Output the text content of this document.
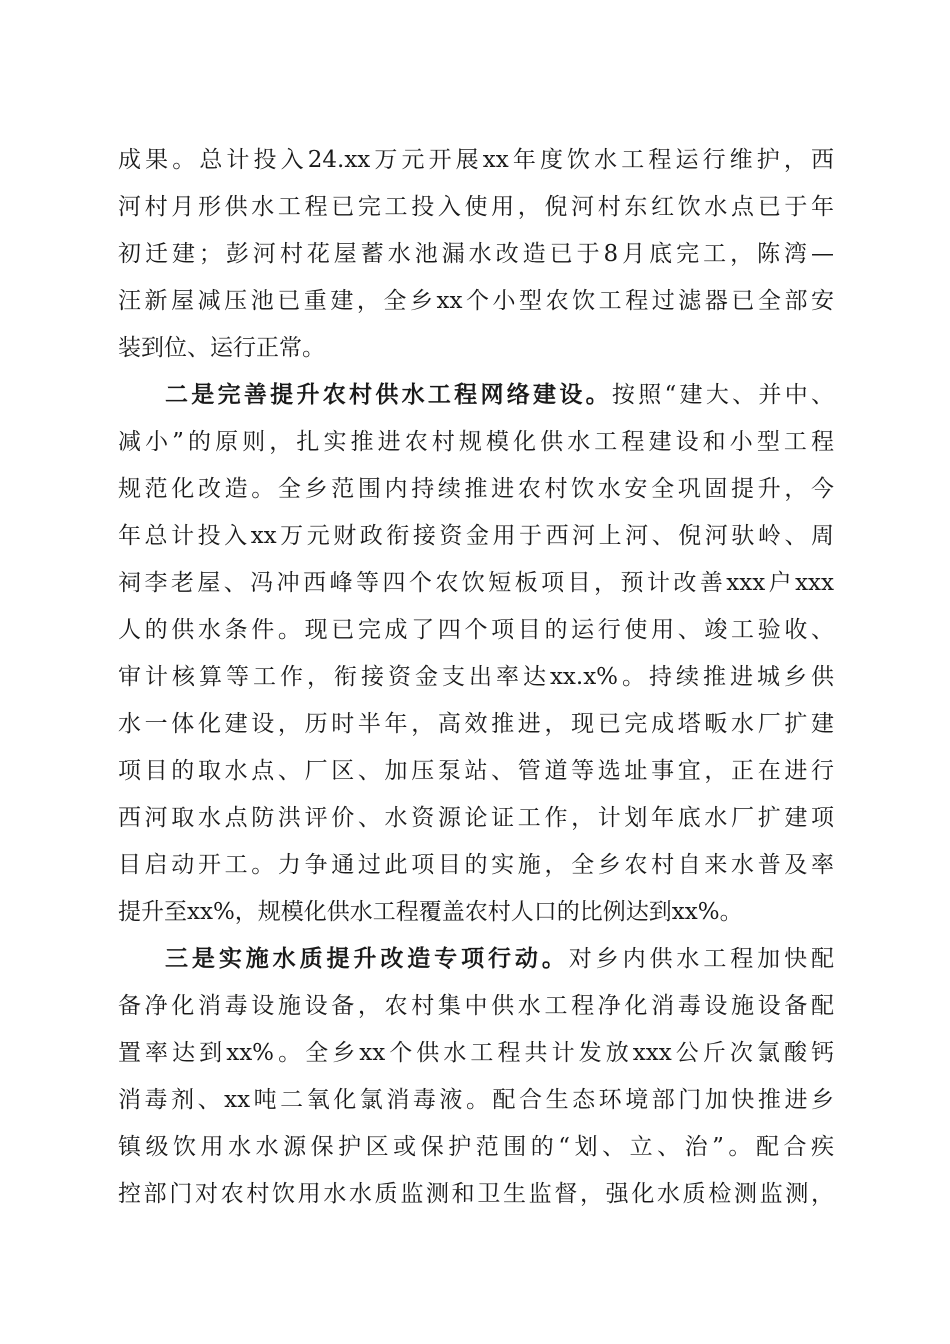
成果。总计投入24.xx万元开展xx年度饮水工程运行维护，西
河村月形供水工程已完工投入使用，倪河村东红饮水点已于年
初迁建；彭河村花屋蓄水池漏水改造已于8月底完工，陈湾—
汪新屋减压池已重建，全乡xx个小型农饮工程过滤器已全部安
装到位、运行正常。
二是完善提升农村供水工程网络建设。按照“建大、并中、
减小”的原则，扎实推进农村规模化供水工程建设和小型工程
规范化改造。全乡范围内持续推进农村饮水安全巩固提升，今
年总计投入xx万元财政衔接资金用于西河上河、倪河驮岭、周
祠李老屋、冯冲西峰等四个农饮短板项目，预计改善xxx户xxx
人的供水条件。现已完成了四个项目的运行使用、竣工验收、
审计核算等工作，衔接资金支出率达xx.x%。持续推进城乡供
水一体化建设，历时半年，高效推进，现已完成塔畈水厂扩建
项目的取水点、厂区、加压泵站、管道等选址事宜，正在进行
西河取水点防洪评价、水资源论证工作，计划年底水厂扩建项
目启动开工。力争通过此项目的实施，全乡农村自来水普及率
提升至xx%，规模化供水工程覆盖农村人口的比例达到xx%。
三是实施水质提升改造专项行动。对乡内供水工程加快配
备净化消毒设施设备，农村集中供水工程净化消毒设施设备配
置率达到xx%。全乡xx个供水工程共计发放xxx公斤次氯酸钙
消毒剂、xx吨二氧化氯消毒液。配合生态环境部门加快推进乡
镇级饮用水水源保护区或保护范围的“划、立、治”。配合疾
控部门对农村饮用水水质监测和卫生监督，强化水质检测监测，
